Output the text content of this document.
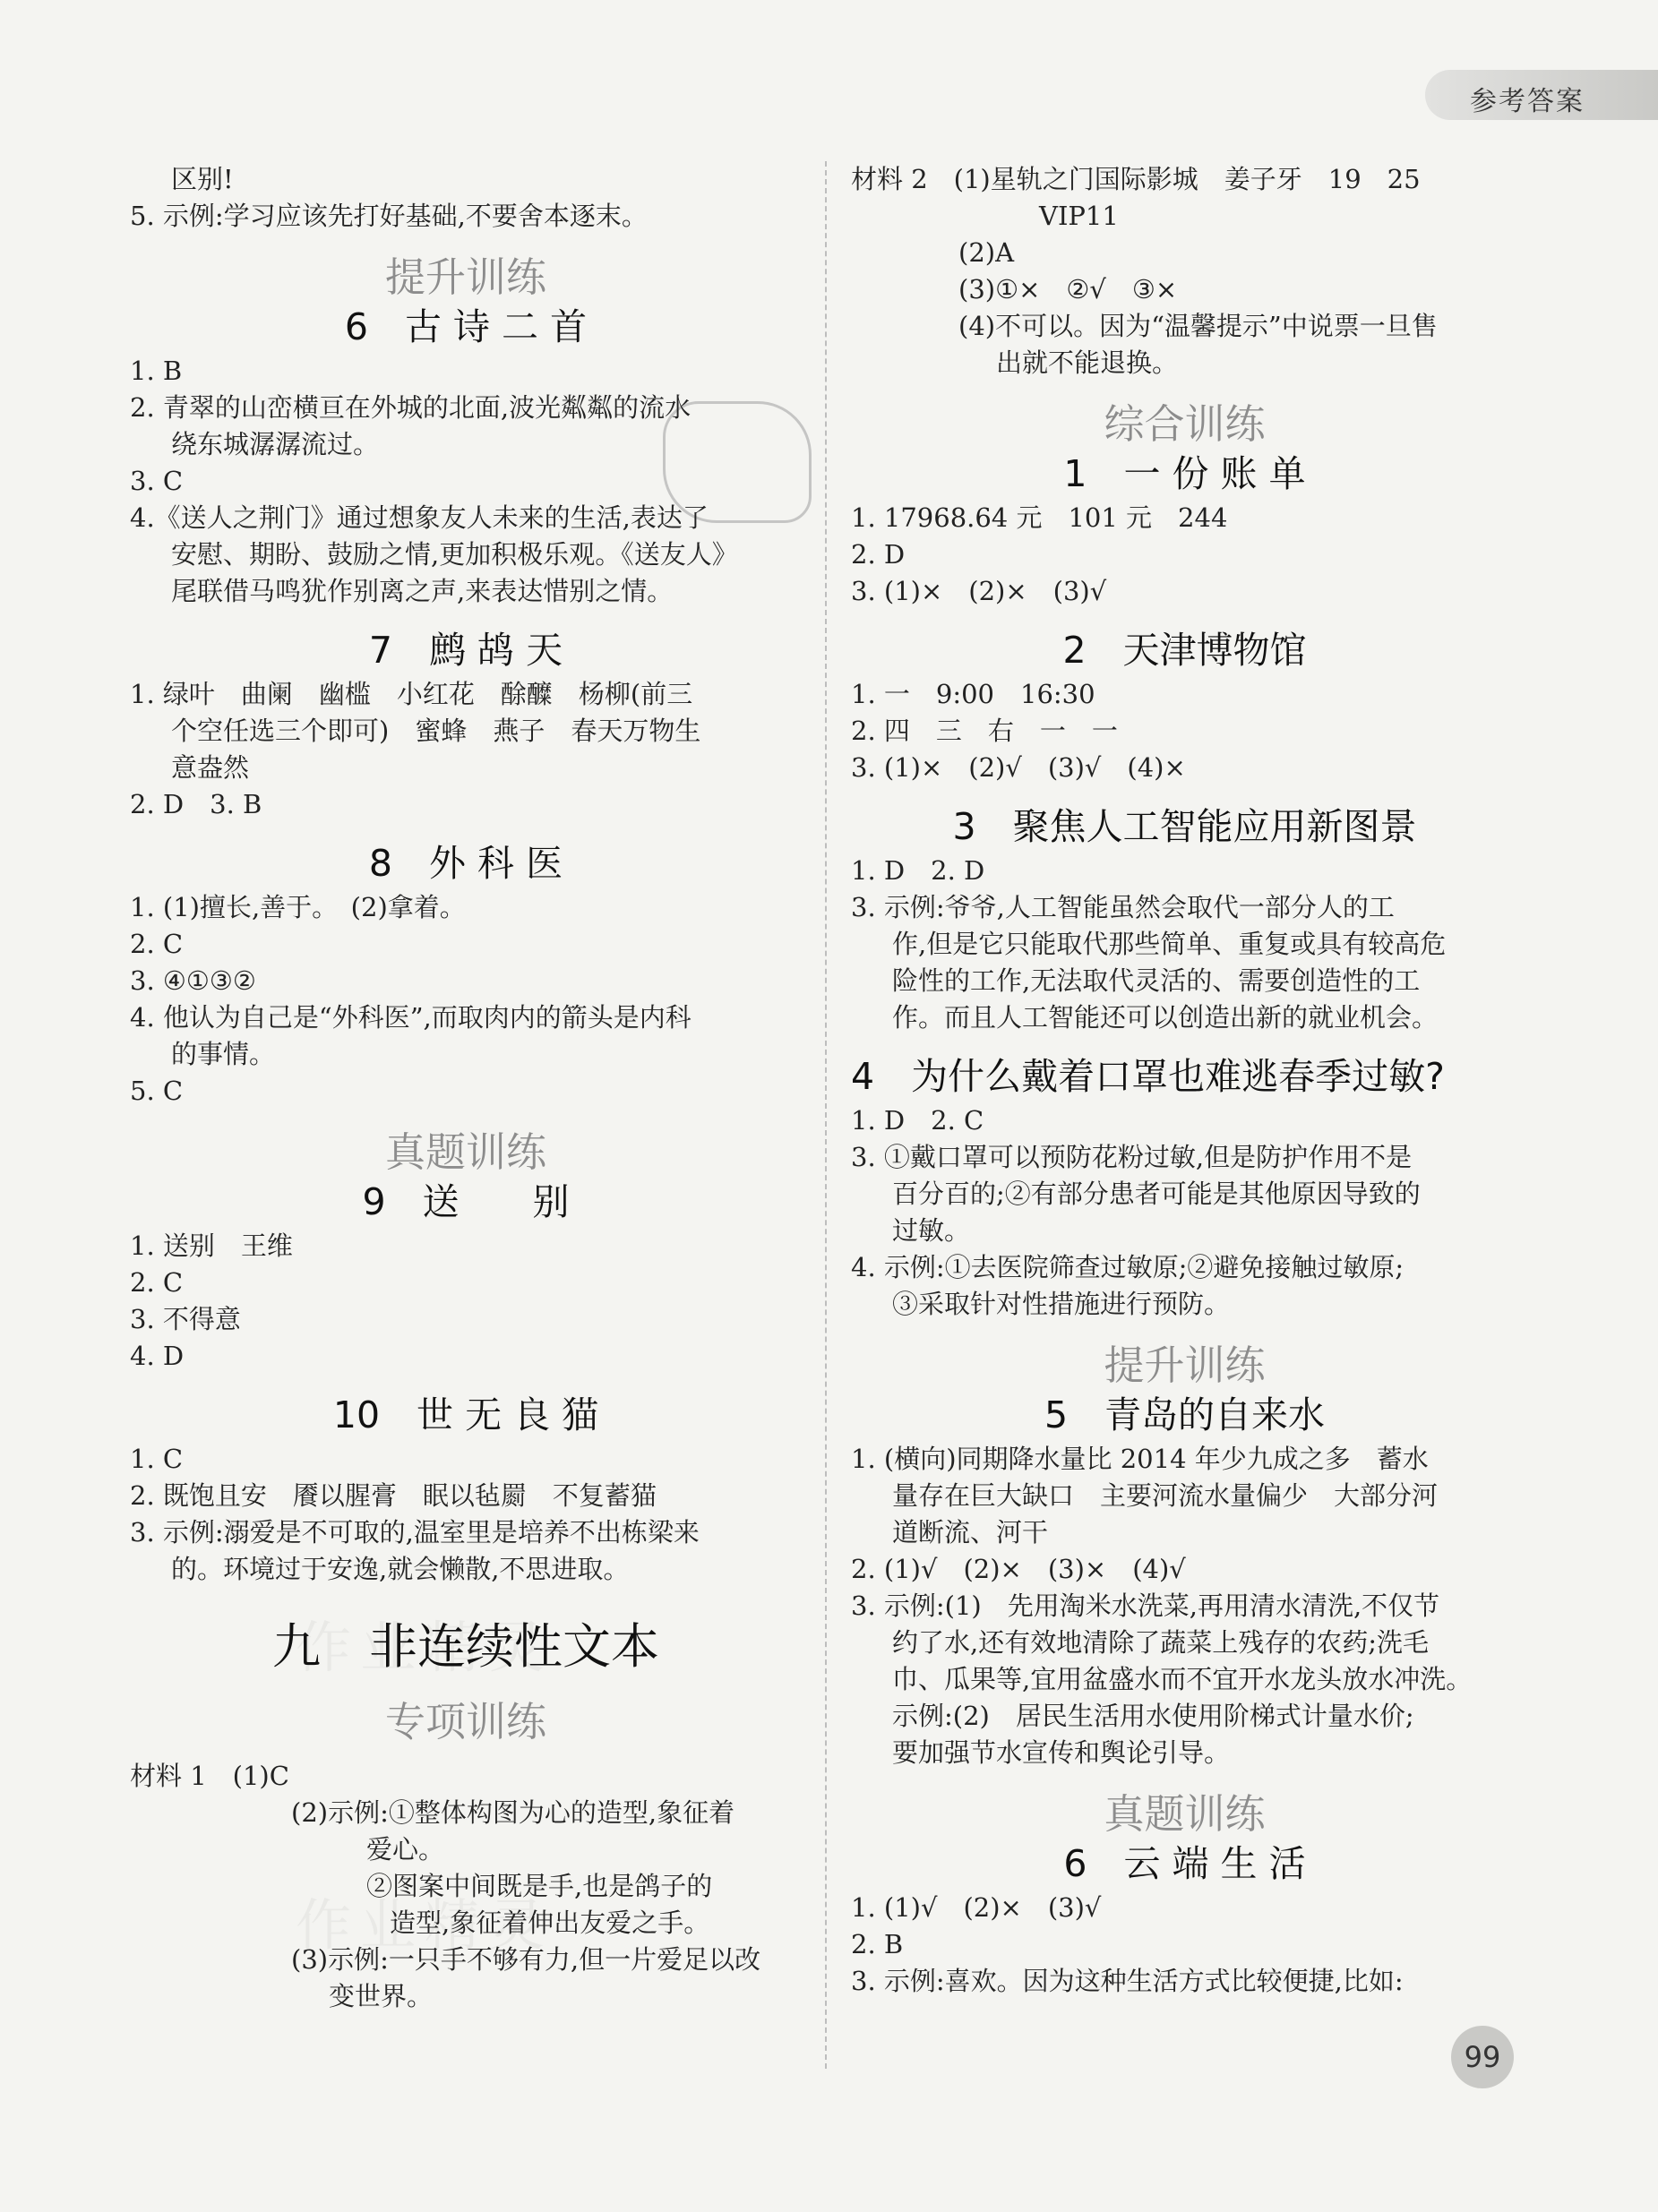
参考答案
区别!
5. 示例:学习应该先打好基础,不要舍本逐末。
提升训练
6　古 诗 二 首
1. B
2. 青翠的山峦横亘在外城的北面,波光粼粼的流水
绕东城潺潺流过。
3. C
4.《送人之荆门》通过想象友人未来的生活,表达了
安慰、期盼、鼓励之情,更加积极乐观。《送友人》
尾联借马鸣犹作别离之声,来表达惜别之情。
7　鹧 鸪 天
1. 绿叶　曲阑　幽槛　小红花　酴醾　杨柳(前三
个空任选三个即可)　蜜蜂　燕子　春天万物生
意盎然
2. D　3. B
8　外 科 医
1. (1)擅长,善于。　(2)拿着。
2. C
3. ④①③②
4. 他认为自己是“外科医”,而取肉内的箭头是内科
的事情。
5. C
真题训练
9　送　　别
1. 送别　王维
2. C
3. 不得意
4. D
10　世 无 良 猫
1. C
2. 既饱且安　餍以腥膏　眠以毡罽　不复蓄猫
3. 示例:溺爱是不可取的,温室里是培养不出栋梁来
的。环境过于安逸,就会懒散,不思进取。
九　非连续性文本
专项训练
材料 1　(1)C
(2)示例:①整体构图为心的造型,象征着
爱心。
②图案中间既是手,也是鸽子的
造型,象征着伸出友爱之手。
(3)示例:一只手不够有力,但一片爱足以改
变世界。
材料 2　(1)星轨之门国际影城　姜子牙　19　25
VIP11
(2)A
(3)①×　②√　③×
(4)不可以。因为“温馨提示”中说票一旦售
出就不能退换。
综合训练
1　一 份 账 单
1. 17968.64 元　101 元　244
2. D
3. (1)×　(2)×　(3)√
2　天津博物馆
1. 一　9:00　16:30
2. 四　三　右　一　一
3. (1)×　(2)√　(3)√　(4)×
3　聚焦人工智能应用新图景
1. D　2. D
3. 示例:爷爷,人工智能虽然会取代一部分人的工
作,但是它只能取代那些简单、重复或具有较高危
险性的工作,无法取代灵活的、需要创造性的工
作。而且人工智能还可以创造出新的就业机会。
4　为什么戴着口罩也难逃春季过敏?
1. D　2. C
3. ①戴口罩可以预防花粉过敏,但是防护作用不是
百分百的;②有部分患者可能是其他原因导致的
过敏。
4. 示例:①去医院筛查过敏原;②避免接触过敏原;
③采取针对性措施进行预防。
提升训练
5　青岛的自来水
1. (横向)同期降水量比 2014 年少九成之多　蓄水
量存在巨大缺口　主要河流水量偏少　大部分河
道断流、河干
2. (1)√　(2)×　(3)×　(4)√
3. 示例:(1)　先用淘米水洗菜,再用清水清洗,不仅节
约了水,还有效地清除了蔬菜上残存的农药;洗毛
巾、瓜果等,宜用盆盛水而不宜开水龙头放水冲洗。
示例:(2)　居民生活用水使用阶梯式计量水价;
要加强节水宣传和舆论引导。
真题训练
6　云 端 生 活
1. (1)√　(2)×　(3)√
2. B
3. 示例:喜欢。因为这种生活方式比较便捷,比如:
99
